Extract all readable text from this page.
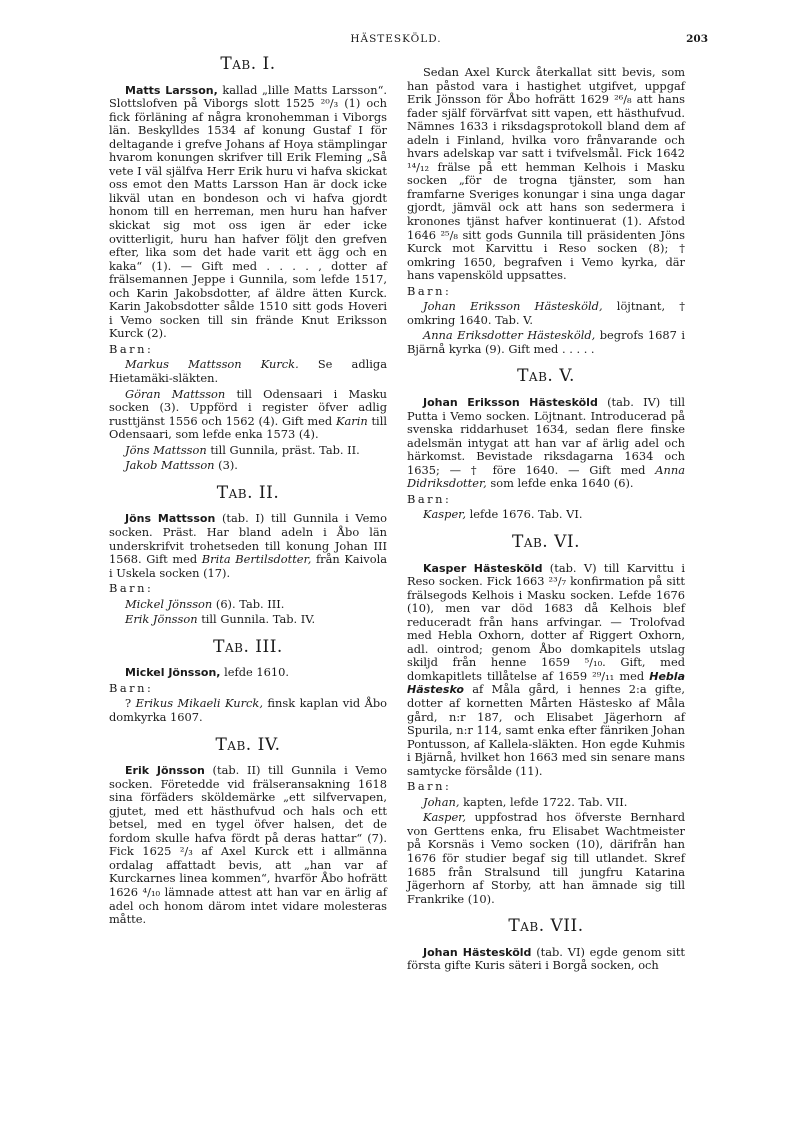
HÄSTESKÖLD.	203
Tab. I.

Matts Larsson, kallad „lille Matts Larsson“. Slottslofven på Viborgs slott 1525 ²⁰/₃ (1) och fick förläning af några kronohemman i Viborgs län. Beskylldes 1534 af konung Gustaf I för deltagande i grefve Johans af Hoya stämplingar hvarom konungen skrifver till Erik Fleming „Så vete I väl själfva Herr Erik huru vi hafva skickat oss emot den Matts Larsson Han är dock icke likväl utan en bondeson och vi hafva gjordt honom till en herreman, men huru han hafver skickat sig mot oss igen är eder icke ovitterligit, huru han hafver följt den grefven efter, lika som det hade varit ett ägg och en kaka“ (1). — Gift med . . . . , dotter af frälsemannen Jeppe i Gunnila, som lefde 1517, och Karin Jakobsdotter, af äldre ätten Kurck. Karin Jakobsdotter sålde 1510 sitt gods Hoveri i Vemo socken till sin frände Knut Eriksson Kurck (2).

Barn:

Markus Mattsson Kurck. Se adliga Hietamäki-släkten.

Göran Mattsson till Odensaari i Masku socken (3). Uppförd i register öfver adlig rusttjänst 1556 och 1562 (4). Gift med Karin till Odensaari, som lefde enka 1573 (4).

Jöns Mattsson till Gunnila, präst. Tab. II.

Jakob Mattsson (3).

Tab. II.

Jöns Mattsson (tab. I) till Gunnila i Vemo socken. Präst. Har bland adeln i Åbo län underskrifvit trohetseden till konung Johan III 1568. Gift med Brita Bertilsdotter, från Kaivola i Uskela socken (17).

Barn:

Mickel Jönsson (6). Tab. III.

Erik Jönsson till Gunnila. Tab. IV.

Tab. III.

Mickel Jönsson, lefde 1610.

Barn:

? Erikus Mikaeli Kurck, finsk kaplan vid Åbo domkyrka 1607.

Tab. IV.

Erik Jönsson (tab. II) till Gunnila i Vemo socken. Företedde vid frälseransakning 1618 sina förfäders sköldemärke „ett silfvervapen, gjutet, med ett hästhufvud och hals och ett betsel, med en tygel öfver halsen, det de fordom skulle hafva fördt på deras hattar“ (7). Fick 1625 ²/₃ af Axel Kurck ett i allmänna ordalag affattadt bevis, att „han var af Kurckarnes linea kommen“, hvarför Åbo hofrätt 1626 ⁴/₁₀ lämnade attest att han var en ärlig af adel och honom därom intet vidare molesteras måtte.

Sedan Axel Kurck återkallat sitt bevis, som han påstod vara i hastighet utgifvet, uppgaf Erik Jönsson för Åbo hofrätt 1629 ²⁶/₈ att hans fader själf förvärfvat sitt vapen, ett hästhufvud. Nämnes 1633 i riksdagsprotokoll bland dem af adeln i Finland, hvilka voro frånvarande och hvars adelskap var satt i tvifvelsmål. Fick 1642 ¹⁴/₁₂ frälse på ett hemman Kelhois i Masku socken „för de trogna tjänster, som han framfarne Sveriges konungar i sina unga dagar gjordt, jämväl ock att hans son sedermera i kronones tjänst hafver kontinuerat (1). Afstod 1646 ²⁵/₈ sitt gods Gunnila till präsidenten Jöns Kurck mot Karvittu i Reso socken (8); † omkring 1650, begrafven i Vemo kyrka, där hans vapensköld uppsattes.

Barn:

Johan Eriksson Hästesköld, löjtnant, † omkring 1640. Tab. V.

Anna Eriksdotter Hästesköld, begrofs 1687 i Bjärnå kyrka (9). Gift med . . . . .

Tab. V.

Johan Eriksson Hästesköld (tab. IV) till Putta i Vemo socken. Löjtnant. Introducerad på svenska riddarhuset 1634, sedan flere finske adelsmän intygat att han var af ärlig adel och härkomst. Bevistade riksdagarna 1634 och 1635; — † före 1640. — Gift med Anna Didriksdotter, som lefde enka 1640 (6).

Barn:

Kasper, lefde 1676. Tab. VI.

Tab. VI.

Kasper Hästesköld (tab. V) till Karvittu i Reso socken. Fick 1663 ²³/₇ konfirmation på sitt frälsegods Kelhois i Masku socken. Lefde 1676 (10), men var död 1683 då Kelhois blef reduceradt från hans arfvingar. — Trolofvad med Hebla Oxhorn, dotter af Riggert Oxhorn, adl. ointrod; genom Åbo domkapitels utslag skiljd från henne 1659 ⁵/₁₀. Gift, med domkapitlets tillåtelse af 1659 ²⁹/₁₁ med Hebla Hästesko af Måla gård, i hennes 2:a gifte, dotter af kornetten Mårten Hästesko af Måla gård, n:r 187, och Elisabet Jägerhorn af Spurila, n:r 114, samt enka efter fänriken Johan Pontusson, af Kallela-släkten. Hon egde Kuhmis i Bjärnå, hvilket hon 1663 med sin senare mans samtycke försålde (11).

Barn:

Johan, kapten, lefde 1722. Tab. VII.

Kasper, uppfostrad hos öfverste Bernhard von Gerttens enka, fru Elisabet Wachtmeister på Korsnäs i Vemo socken (10), därifrån han 1676 för studier begaf sig till utlandet. Skref 1685 från Stralsund till jungfru Katarina Jägerhorn af Storby, att han ämnade sig till Frankrike (10).

Tab. VII.

Johan Hästesköld (tab. VI) egde genom sitt första gifte Kuris säteri i Borgå socken, och
